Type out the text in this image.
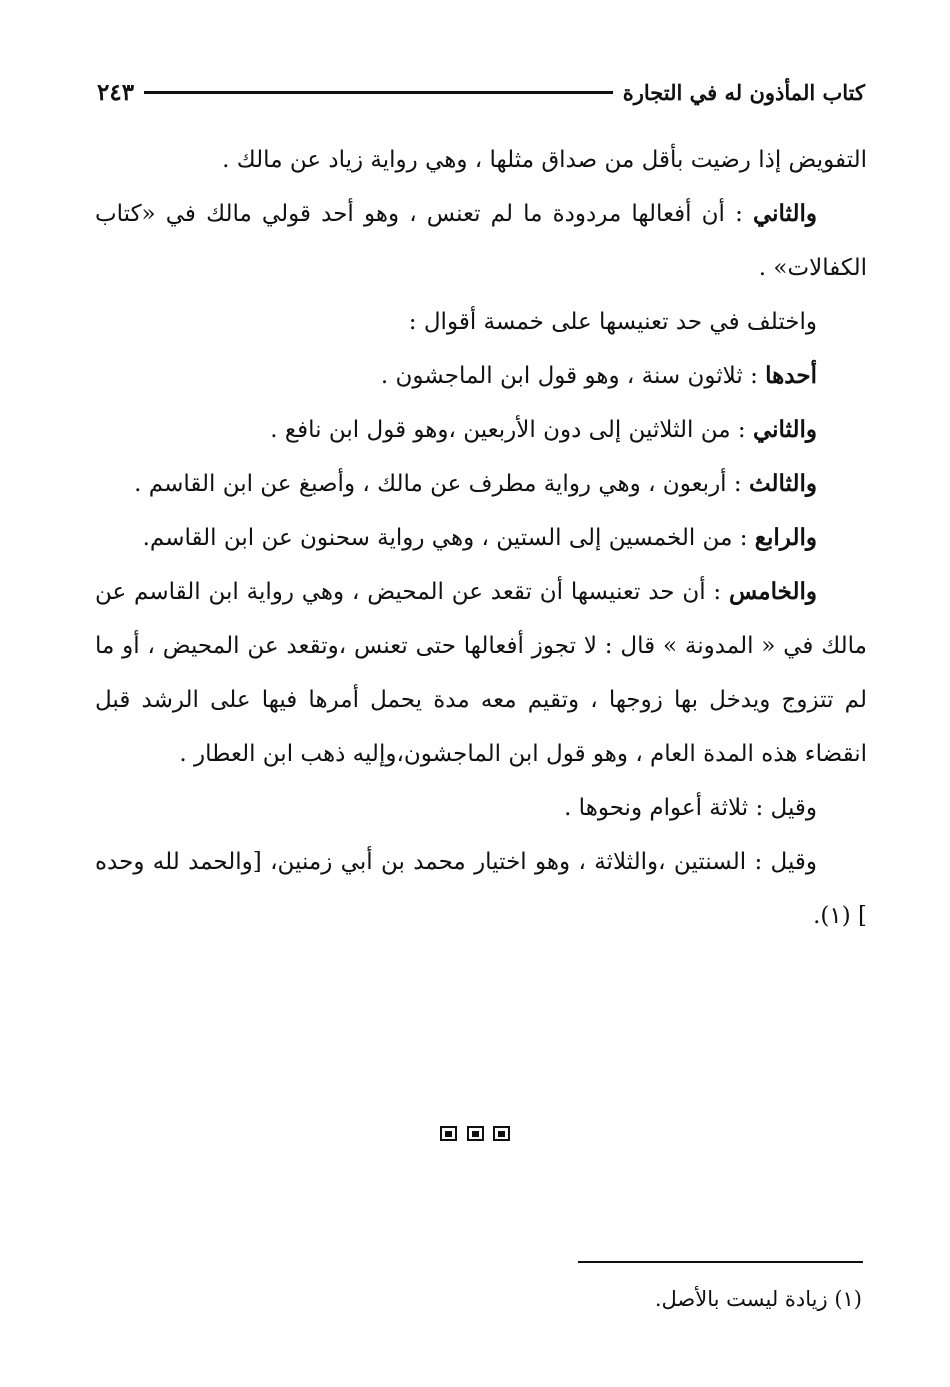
كتاب المأذون له في التجارة
٢٤٣

التفويض إذا رضيت بأقل من صداق مثلها ، وهي رواية زياد عن مالك .

والثاني : أن أفعالها مردودة ما لم تعنس ، وهو أحد قولي مالك في «كتاب الكفالات» .

واختلف في حد تعنيسها على خمسة أقوال :

أحدها : ثلاثون سنة ، وهو قول ابن الماجشون .

والثاني : من الثلاثين إلى دون الأربعين ،وهو قول ابن نافع .

والثالث : أربعون ، وهي رواية مطرف عن مالك ، وأصبغ عن ابن القاسم .

والرابع : من الخمسين إلى الستين ، وهي رواية سحنون عن ابن القاسم.

والخامس : أن حد تعنيسها أن تقعد عن المحيض ، وهي رواية ابن القاسم عن مالك في « المدونة » قال : لا تجوز أفعالها حتى تعنس ،وتقعد عن المحيض ، أو ما لم تتزوج ويدخل بها زوجها ، وتقيم معه مدة يحمل أمرها فيها على الرشد قبل انقضاء هذه المدة العام ، وهو قول ابن الماجشون،وإليه ذهب ابن العطار .

وقيل : ثلاثة أعوام ونحوها .

وقيل : السنتين ،والثلاثة ، وهو اختيار محمد بن أبي زمنين، [والحمد لله وحده ] (١).

(١) زيادة ليست بالأصل.
